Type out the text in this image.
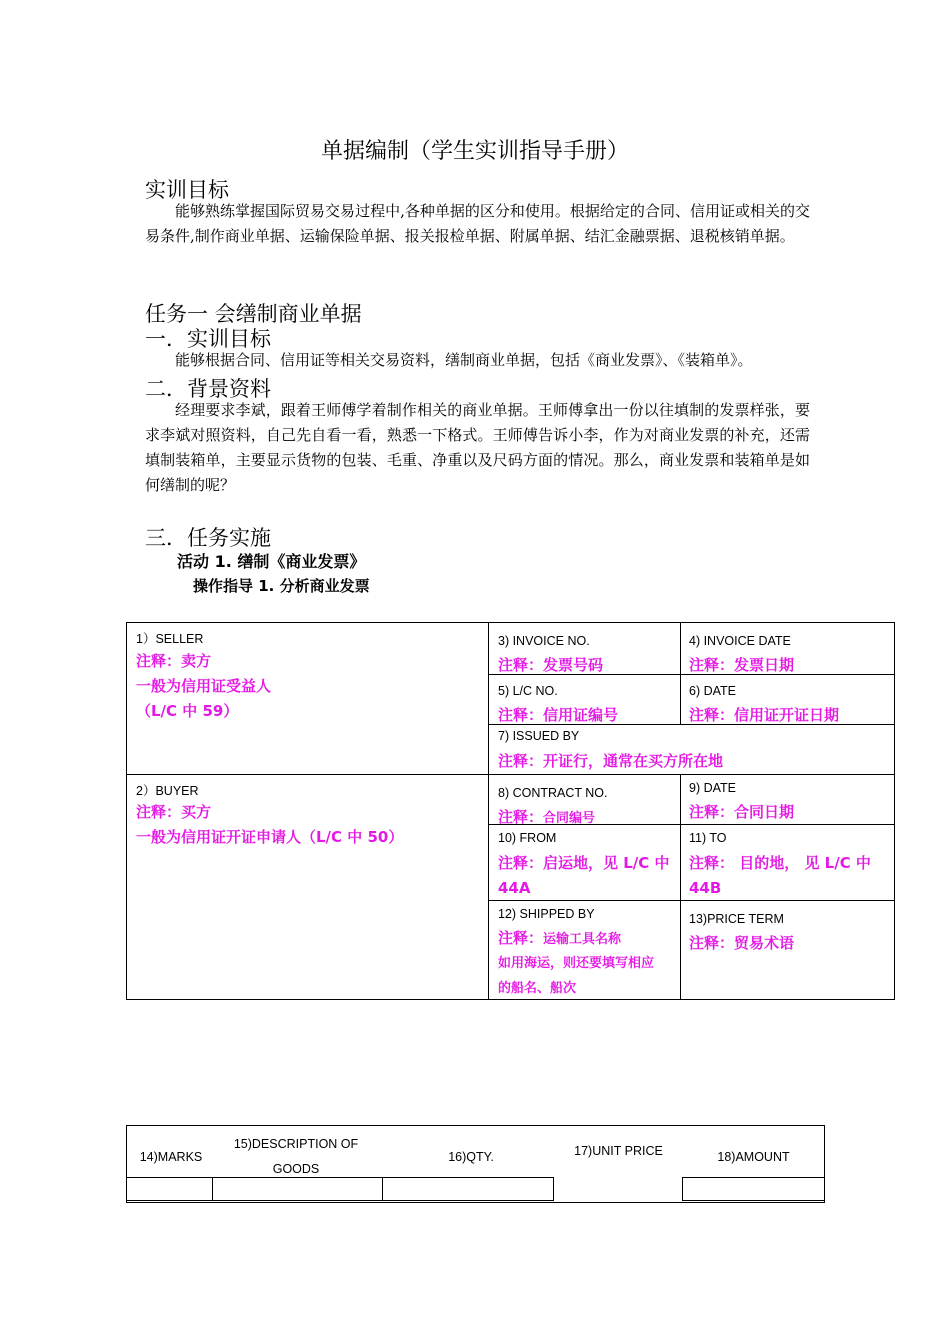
单据编制（学生实训指导手册）
实训目标
能够熟练掌握国际贸易交易过程中,各种单据的区分和使用。根据给定的合同、信用证或相关的交易条件,制作商业单据、运输保险单据、报关报检单据、附属单据、结汇金融票据、退税核销单据。
任务一 会缮制商业单据
一．实训目标
能够根据合同、信用证等相关交易资料，缮制商业单据，包括《商业发票》、《装箱单》。
二．背景资料
经理要求李斌，跟着王师傅学着制作相关的商业单据。王师傅拿出一份以往填制的发票样张，要求李斌对照资料，自己先自看一看，熟悉一下格式。王师傅告诉小李，作为对商业发票的补充，还需填制装箱单，主要显示货物的包装、毛重、净重以及尺码方面的情况。那么，商业发票和装箱单是如何缮制的呢？
三．任务实施
活动 1. 缮制《商业发票》
操作指导 1. 分析商业发票
1）SELLER
注释：卖方
一般为信用证受益人
（L/C 中 59）
3) INVOICE NO.
注释：发票号码
4) INVOICE DATE
注释：发票日期
5) L/C NO.
注释：信用证编号
6) DATE
注释：信用证开证日期
7) ISSUED BY
注释：开证行，通常在买方所在地
2）BUYER
注释：买方
一般为信用证开证申请人（L/C 中 50）
8) CONTRACT NO.
注释：合同编号
9) DATE
注释：合同日期
10) FROM
注释：启运地，见 L/C 中
44A
11) TO
注释： 目的地， 见 L/C 中
44B
12) SHIPPED BY
注释：运输工具名称
如用海运，则还要填写相应
的船名、船次
13)PRICE TERM
注释：贸易术语
14)MARKS
15)DESCRIPTION OF
GOODS
16)QTY.	17)UNIT PRICE	18)AMOUNT
